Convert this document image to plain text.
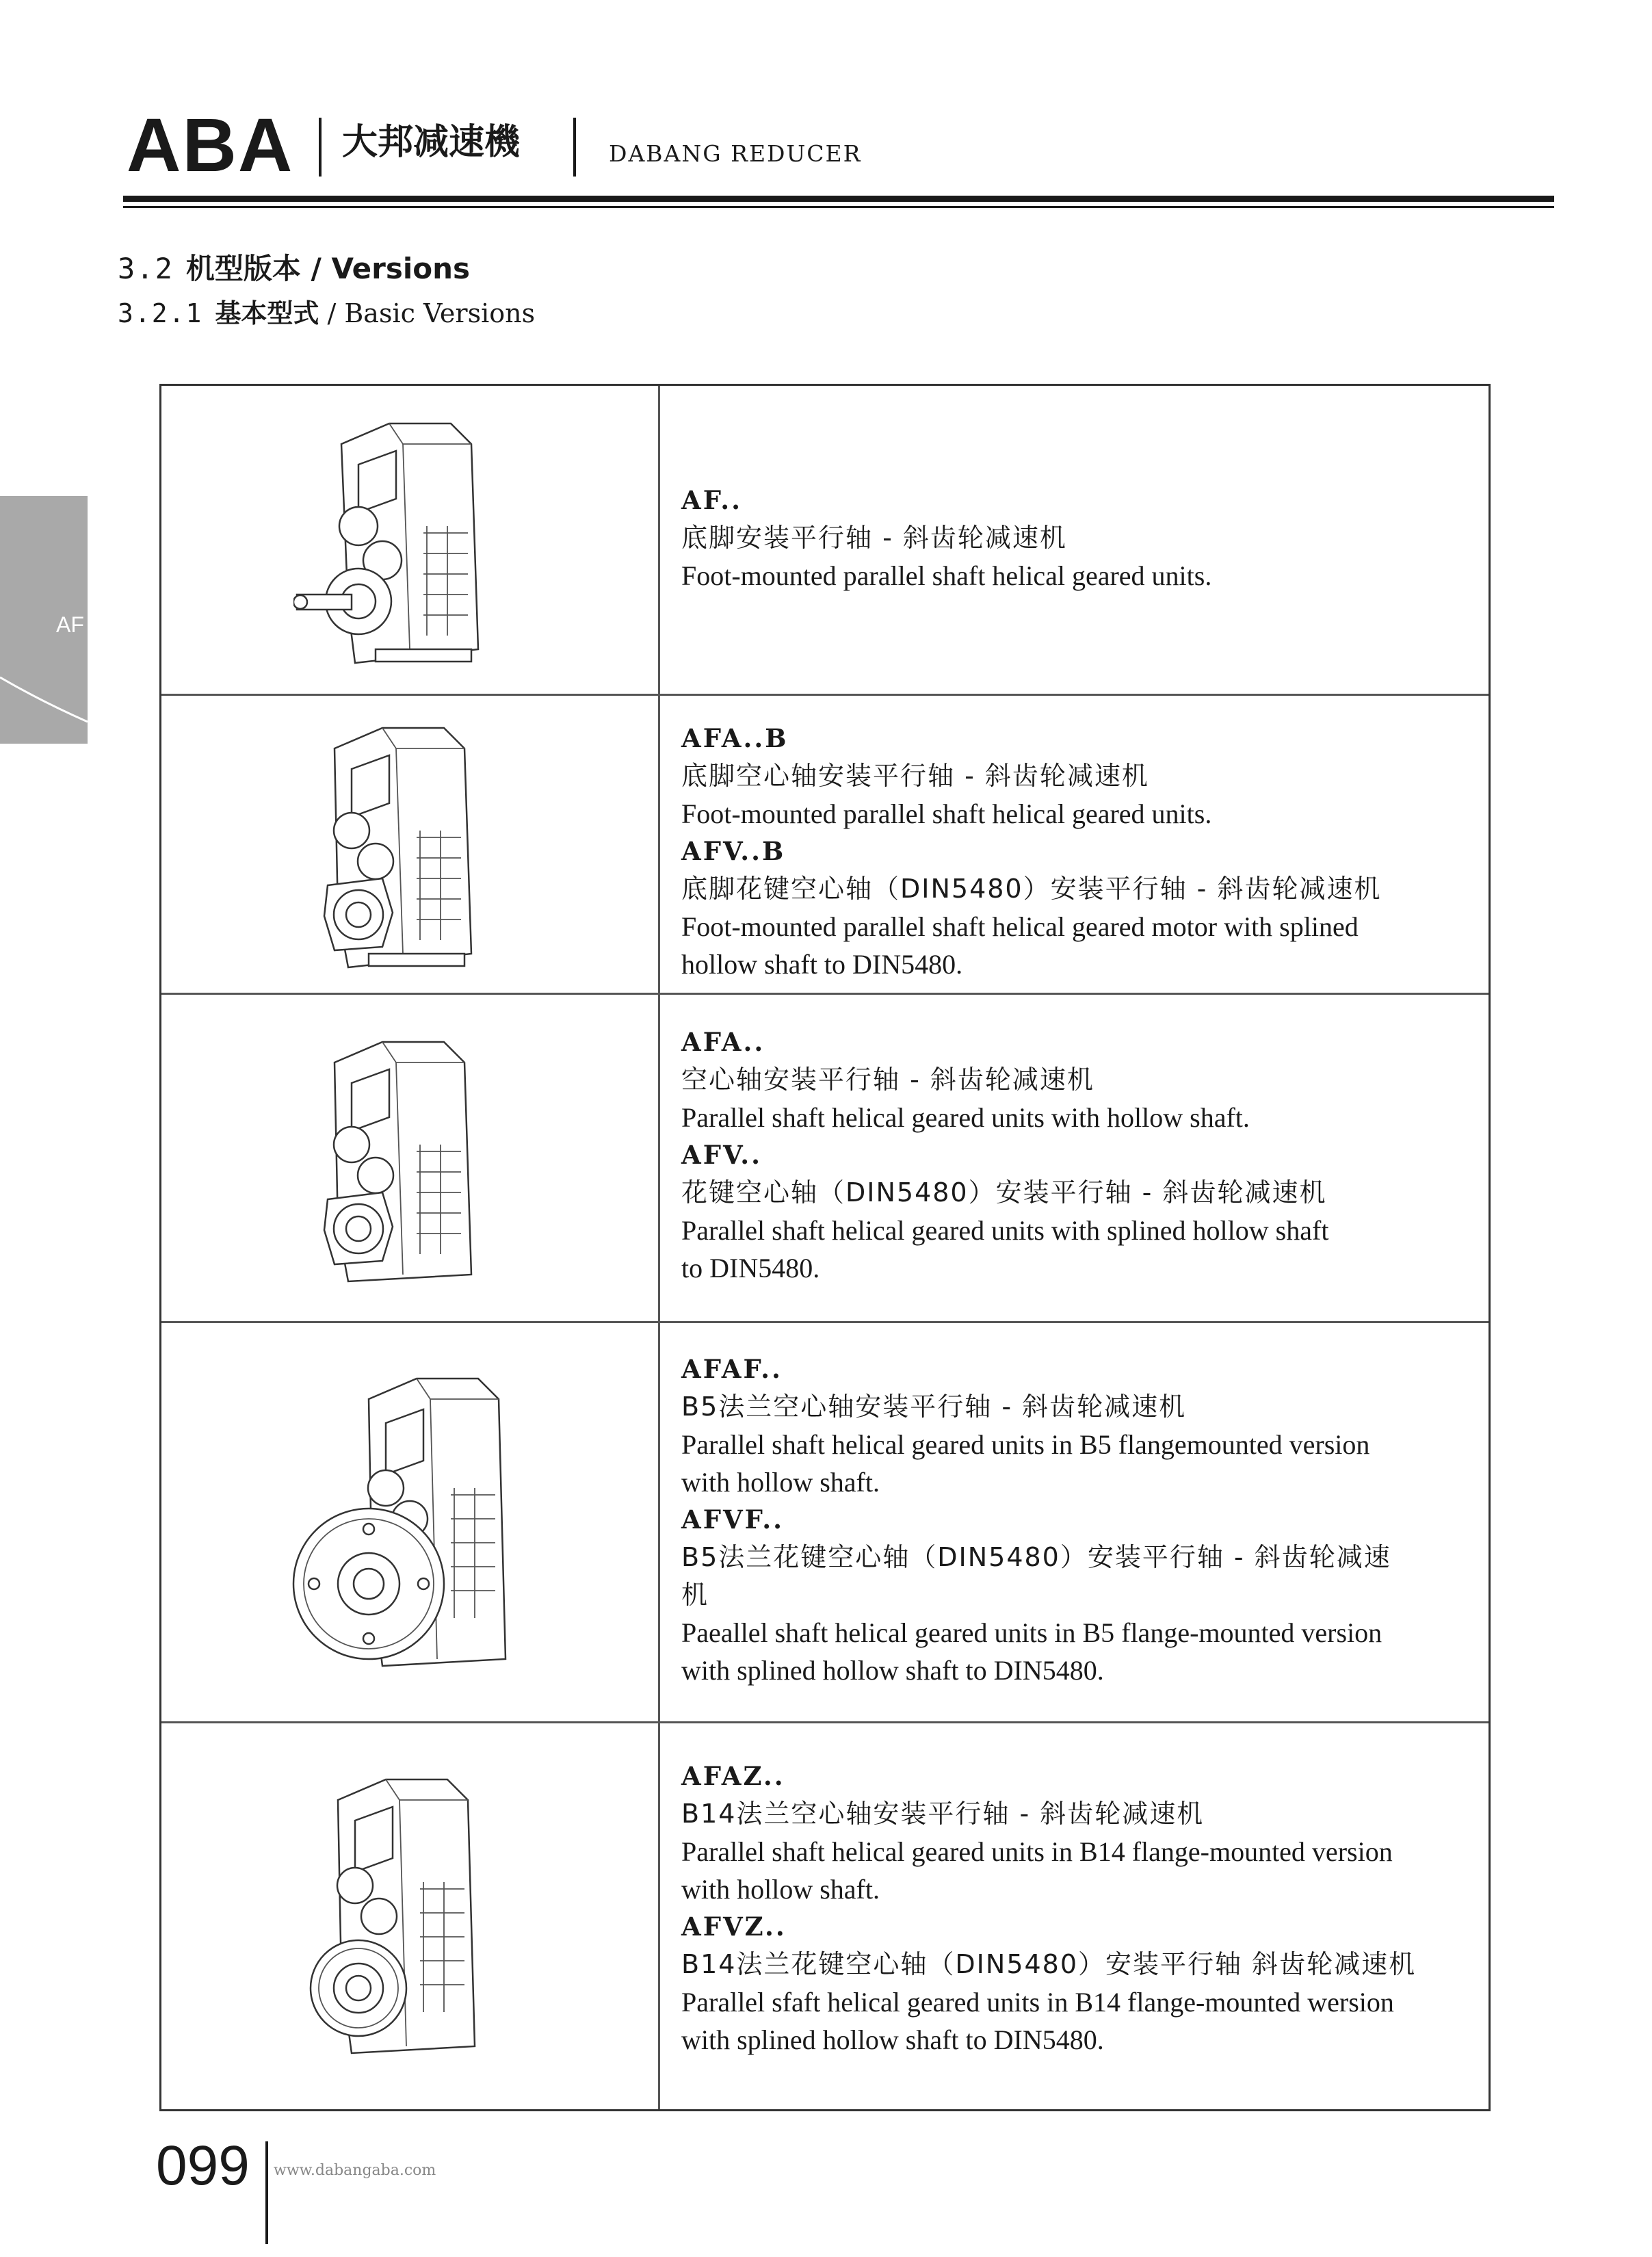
ABA 大邦减速機	DABANG REDUCER
3.2 机型版本 / Versions
3.2.1 基本型式 / Basic Versions
AF
AF..
底脚安装平行轴 - 斜齿轮减速机
Foot-mounted parallel shaft helical geared units.
AFA..B
底脚空心轴安装平行轴 - 斜齿轮减速机
Foot-mounted parallel shaft helical geared units.
AFV..B
底脚花键空心轴（DIN5480）安装平行轴 - 斜齿轮减速机
Foot-mounted parallel shaft helical geared motor with splined
hollow shaft to DIN5480.
AFA..
空心轴安装平行轴 - 斜齿轮减速机
Parallel shaft helical geared units with hollow shaft.
AFV..
花键空心轴（DIN5480）安装平行轴 - 斜齿轮减速机
Parallel shaft helical geared units with splined hollow shaft
to DIN5480.
AFAF..
B5法兰空心轴安装平行轴 - 斜齿轮减速机
Parallel shaft helical geared units in B5 flangemounted version
with hollow shaft.
AFVF..
B5法兰花键空心轴（DIN5480）安装平行轴 - 斜齿轮减速
机
Paeallel shaft helical geared units in B5 flange-mounted version
with splined hollow shaft to DIN5480.
AFAZ..
B14法兰空心轴安装平行轴 - 斜齿轮减速机
Parallel shaft helical geared units in B14 flange-mounted version
with hollow shaft.
AFVZ..
B14法兰花键空心轴（DIN5480）安装平行轴 斜齿轮减速机
Parallel sfaft helical geared units in B14 flange-mounted wersion
with splined hollow shaft to DIN5480.
099 www.dabangaba.com
